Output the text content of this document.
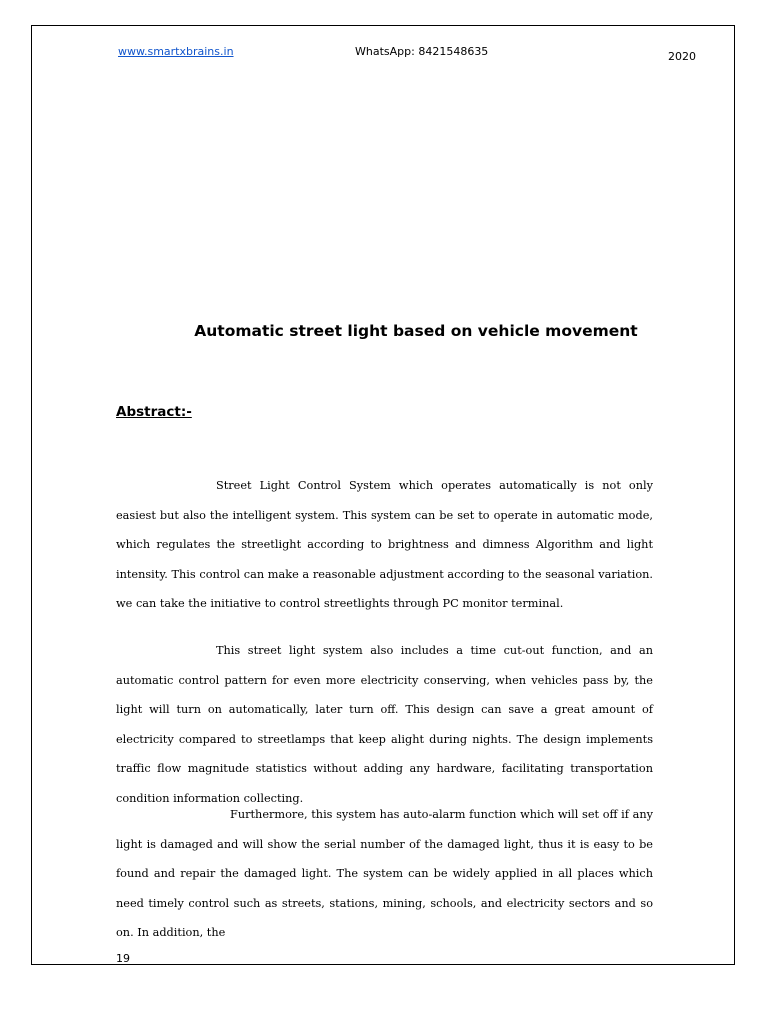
www.smartxbrains.in	WhatsApp: 8421548635	2020
Automatic street light based on vehicle movement
Abstract:-

Street Light Control System which operates automatically is not only easiest but also the intelligent system. This system can be set to operate in automatic mode, which regulates the streetlight according to brightness and dimness Algorithm and light intensity. This control can make a reasonable adjustment according to the seasonal variation. we can take the initiative to control streetlights through PC monitor terminal.

This street light system also includes a time cut-out function, and an automatic control pattern for even more electricity conserving, when vehicles pass by, the light will turn on automatically, later turn off. This design can save a great amount of electricity compared to streetlamps that keep alight during nights. The design implements traffic flow magnitude statistics without adding any hardware, facilitating transportation condition information collecting.

Furthermore, this system has auto-alarm function which will set off if any light is damaged and will show the serial number of the damaged light, thus it is easy to be found and repair the damaged light. The system can be widely applied in all places which need timely control such as streets, stations, mining, schools, and electricity sectors and so on. In addition, the

19
